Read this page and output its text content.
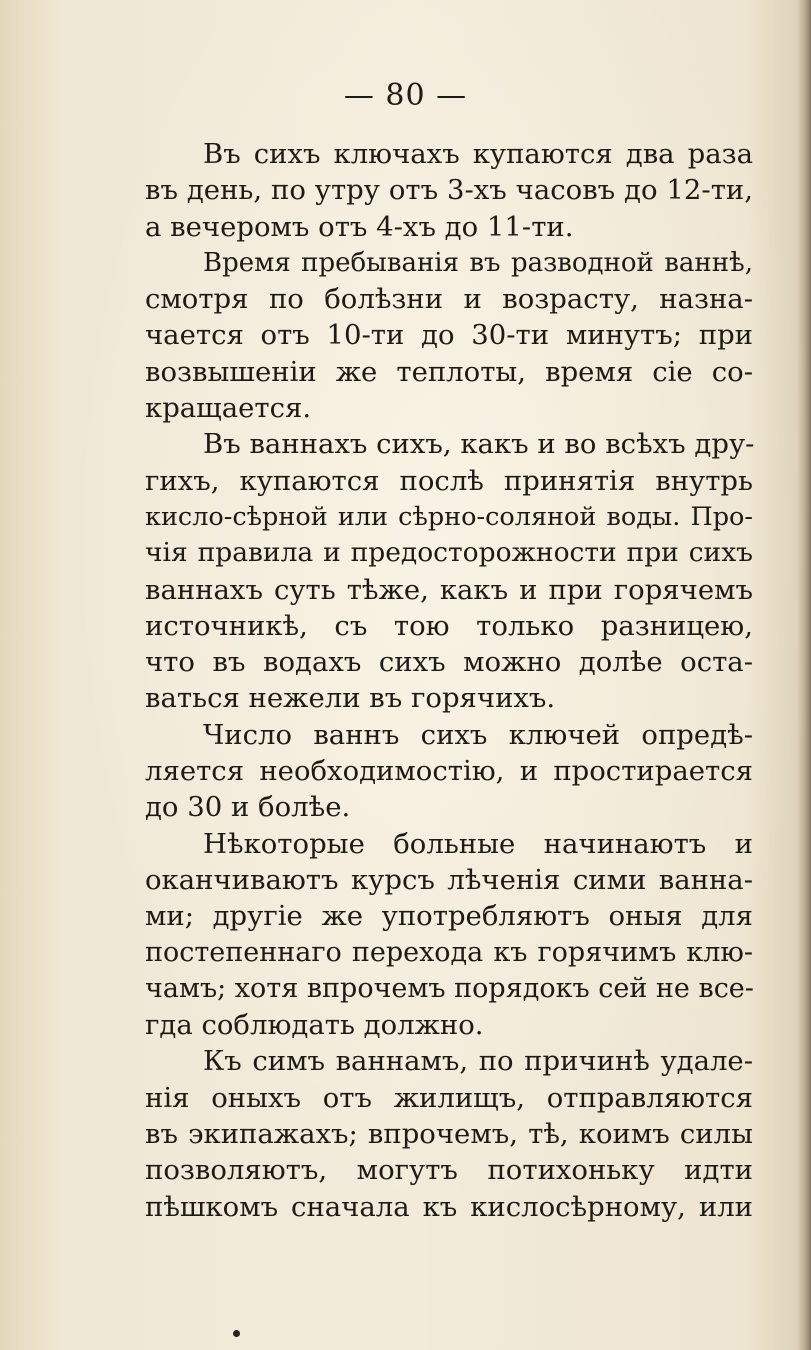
— 80 —
Въ сихъ ключахъ купаются два раза
въ день, по утру отъ 3-хъ часовъ до 12-ти,
а вечеромъ отъ 4-хъ до 11-ти.
Время пребыванія въ разводной ваннѣ,
смотря по болѣзни и возрасту, назна-
чается отъ 10-ти до 30-ти минутъ; при
возвышеніи же теплоты, время сіе со-
кращается.
Въ ваннахъ сихъ, какъ и во всѣхъ дру-
гихъ, купаются послѣ принятія внутрь
кисло-сѣрной или сѣрно-соляной воды. Про-
чія правила и предосторожности при сихъ
ваннахъ суть тѣже, какъ и при горячемъ
источникѣ, съ тою только разницею,
что въ водахъ сихъ можно долѣе оста-
ваться нежели въ горячихъ.
Число ваннъ сихъ ключей опредѣ-
ляется необходимостію, и простирается
до 30 и болѣе.
Нѣкоторые больные начинаютъ и
оканчиваютъ курсъ лѣченія сими ванна-
ми; другіе же употребляютъ оныя для
постепеннаго перехода къ горячимъ клю-
чамъ; хотя впрочемъ порядокъ сей не все-
гда соблюдать должно.
Къ симъ ваннамъ, по причинѣ удале-
нія оныхъ отъ жилищъ, отправляются
въ экипажахъ; впрочемъ, тѣ, коимъ силы
позволяютъ, могутъ потихоньку идти
пѣшкомъ сначала къ кислосѣрному, или
